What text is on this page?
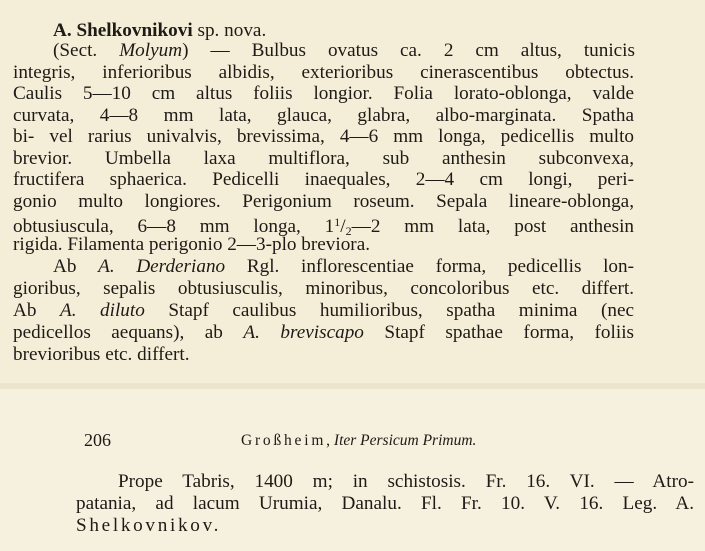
A. Shelkovnikovi sp. nova.
(Sect. Molyum) — Bulbus ovatus ca. 2 cm altus, tunicis
integris, inferioribus albidis, exterioribus cinerascentibus obtectus.
Caulis 5—10 cm altus foliis longior. Folia lorato-oblonga, valde
curvata, 4—8 mm lata, glauca, glabra, albo-marginata. Spatha
bi- vel rarius univalvis, brevissima, 4—6 mm longa, pedicellis multo
brevior. Umbella laxa multiflora, sub anthesin subconvexa,
fructifera sphaerica. Pedicelli inaequales, 2—4 cm longi, peri-
gonio multo longiores. Perigonium roseum. Sepala lineare-oblonga,
obtusiuscula, 6—8 mm longa, $1^1/_2—2$ mm lata, post anthesin
rigida. Filamenta perigonio 2—3-plo breviora.
Ab A. Derderiano Rgl. inflorescentiae forma, pedicellis lon-
gioribus, sepalis obtusiusculis, minoribus, concoloribus etc. differt.
Ab A. diluto Stapf caulibus humilioribus, spatha minima (nec
pedicellos aequans), ab A. breviscapo Stapf spathae forma, foliis
brevioribus etc. differt.
206	Großheim, Iter Persicum Primum.
Prope Tabris, 1400 m; in schistosis. Fr. 16. VI. — Atro-
patania, ad lacum Urumia, Danalu. Fl. Fr. 10. V. 16. Leg. A.
Shelkovnikov.
